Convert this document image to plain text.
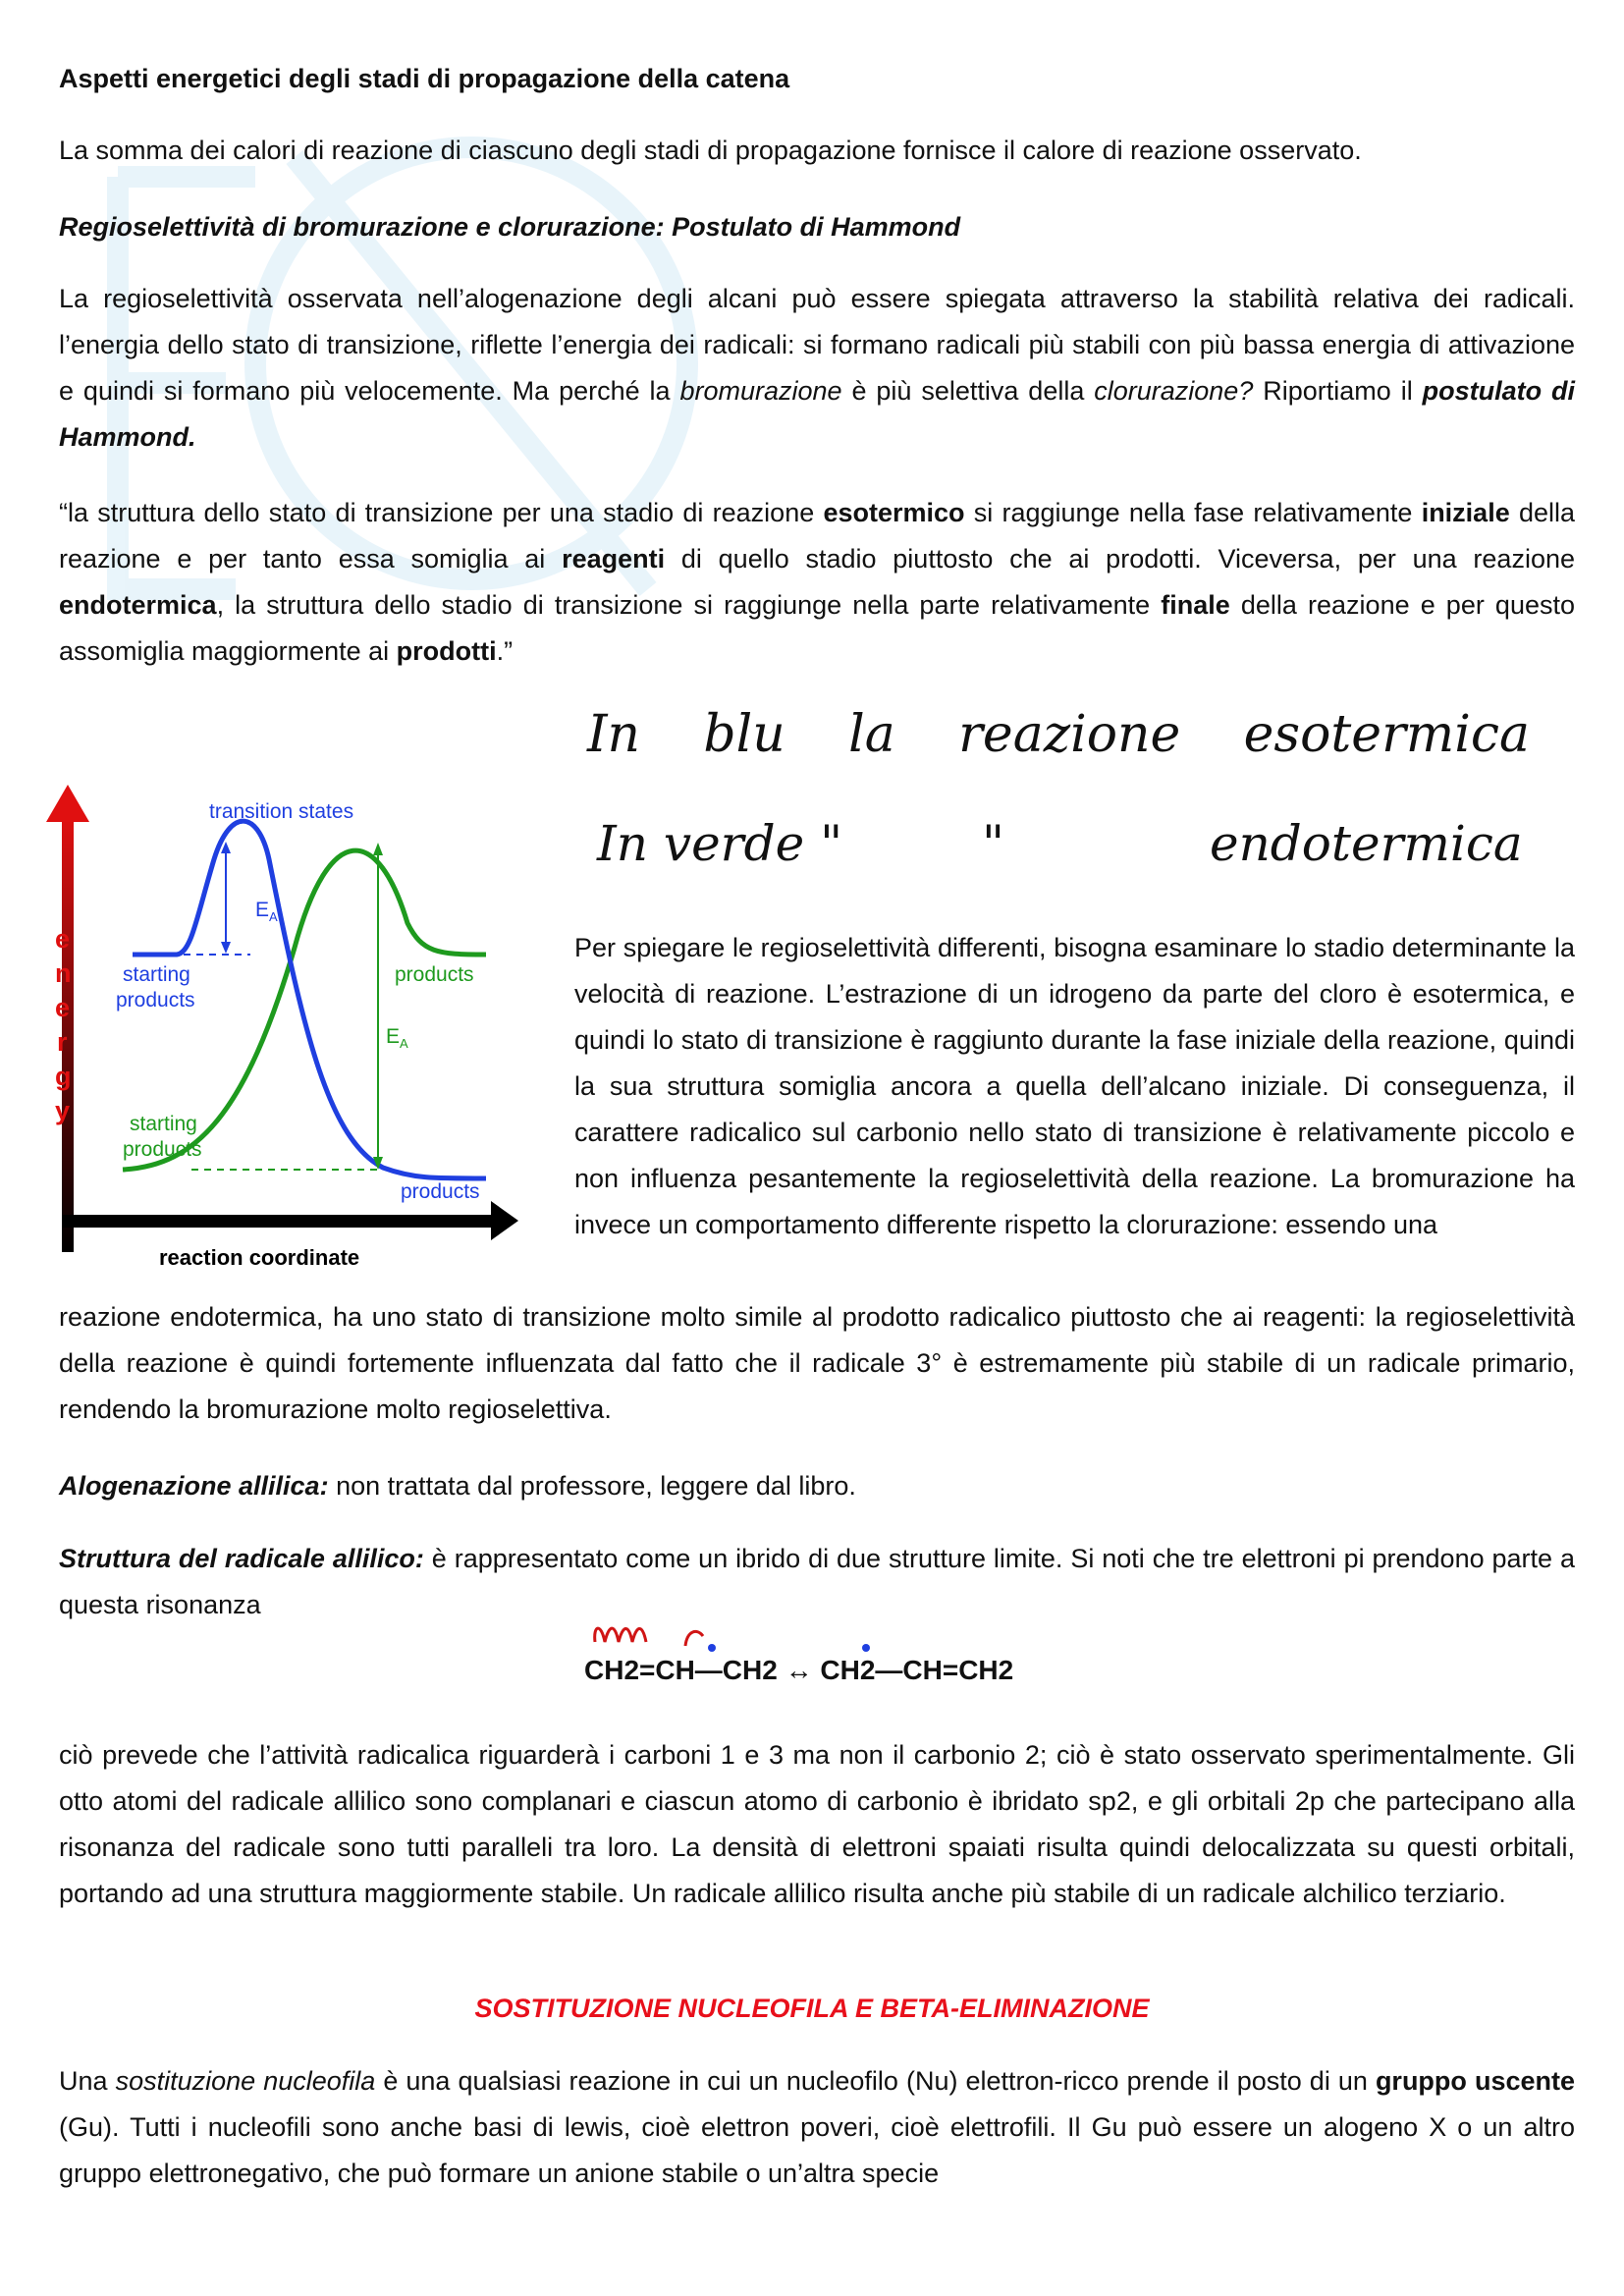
Aspetti energetici degli stadi di propagazione della catena
La somma dei calori di reazione di ciascuno degli stadi di propagazione fornisce il calore di reazione osservato.
Regioselettività di bromurazione e clorurazione: Postulato di Hammond
La regioselettività osservata nell’alogenazione degli alcani può essere spiegata attraverso la stabilità relativa dei radicali. l’energia dello stato di transizione, riflette l’energia dei radicali: si formano radicali più stabili con più bassa energia di attivazione e quindi si formano più velocemente. Ma perché la bromurazione è più selettiva della clorurazione? Riportiamo il postulato di Hammond.
“la struttura dello stato di transizione per una stadio di reazione esotermico si raggiunge nella fase relativamente iniziale della reazione e per tanto essa somiglia ai reagenti di quello stadio piuttosto che ai prodotti. Viceversa, per una reazione endotermica, la struttura dello stadio di transizione si raggiunge nella parte relativamente finale della reazione e per questo assomiglia maggiormente ai prodotti.”
In blu la reazione esotermica
In verde "	"	endotermica
e
n
e
r
g
y
transition states
$E_A$
$E_A$
starting
products
products
starting
products
products
reaction coordinate
Per spiegare le regioselettività differenti, bisogna esaminare lo stadio determinante la velocità di reazione. L’estrazione di un idrogeno da parte del cloro è esotermica, e quindi lo stato di transizione è raggiunto durante la fase iniziale della reazione, quindi la sua struttura somiglia ancora a quella dell’alcano iniziale. Di conseguenza, il carattere radicalico sul carbonio nello stato di transizione è relativamente piccolo e non influenza pesantemente la regioselettività della reazione. La bromurazione ha invece un comportamento differente rispetto la clorurazione: essendo una
reazione endotermica, ha uno stato di transizione molto simile al prodotto radicalico piuttosto che ai reagenti: la regioselettività della reazione è quindi fortemente influenzata dal fatto che il radicale 3° è estremamente più stabile di un radicale primario, rendendo la bromurazione molto regioselettiva.
Alogenazione allilica: non trattata dal professore, leggere dal libro.
Struttura del radicale allilico: è rappresentato come un ibrido di due strutture limite. Si noti che tre elettroni pi prendono parte a questa risonanza
CH2=CH—CH2 ↔ CH2—CH=CH2
ciò prevede che l’attività radicalica riguarderà i carboni 1 e 3 ma non il carbonio 2; ciò è stato osservato sperimentalmente. Gli otto atomi del radicale allilico sono complanari e ciascun atomo di carbonio è ibridato sp2, e gli orbitali 2p che partecipano alla risonanza del radicale sono tutti paralleli tra loro. La densità di elettroni spaiati risulta quindi delocalizzata su questi orbitali, portando ad una struttura maggiormente stabile. Un radicale allilico risulta anche più stabile di un radicale alchilico terziario.
SOSTITUZIONE NUCLEOFILA E BETA-ELIMINAZIONE
Una sostituzione nucleofila è una qualsiasi reazione in cui un nucleofilo (Nu) elettron-ricco prende il posto di un gruppo uscente (Gu). Tutti i nucleofili sono anche basi di lewis, cioè elettron poveri, cioè elettrofili. Il Gu può essere un alogeno X o un altro gruppo elettronegativo, che può formare un anione stabile o un’altra specie
